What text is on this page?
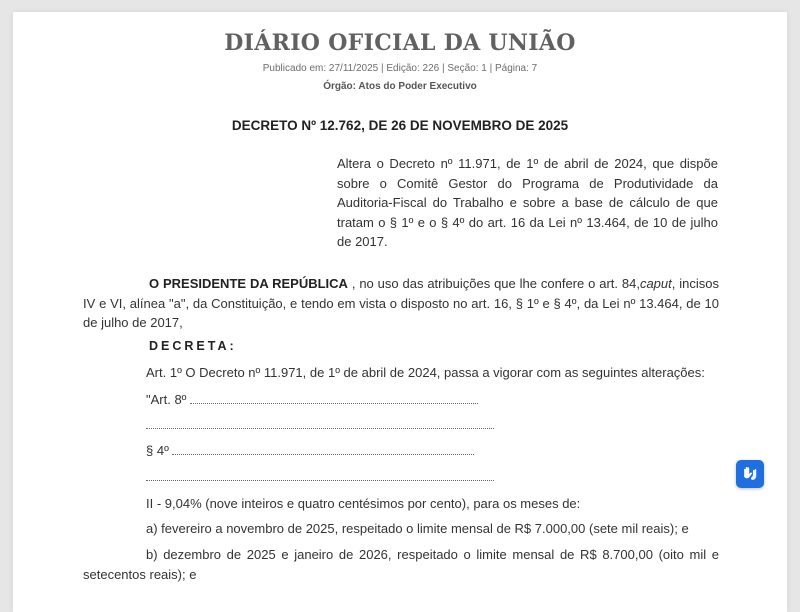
DIÁRIO OFICIAL DA UNIÃO
Publicado em: 27/11/2025 | Edição: 226 | Seção: 1 | Página: 7
Órgão: Atos do Poder Executivo
DECRETO Nº 12.762, DE 26 DE NOVEMBRO DE 2025
Altera o Decreto nº 11.971, de 1º de abril de 2024, que dispõe sobre o Comitê Gestor do Programa de Produtividade da Auditoria-Fiscal do Trabalho e sobre a base de cálculo de que tratam o § 1º e o § 4º do art. 16 da Lei nº 13.464, de 10 de julho de 2017.
O PRESIDENTE DA REPÚBLICA , no uso das atribuições que lhe confere o art. 84,caput, incisos IV e VI, alínea "a", da Constituição, e tendo em vista o disposto no art. 16, § 1º e § 4º, da Lei nº 13.464, de 10 de julho de 2017,
DECRETA:
Art. 1º O Decreto nº 11.971, de 1º de abril de 2024, passa a vigorar com as seguintes alterações:
"Art. 8º
§ 4º
II - 9,04% (nove inteiros e quatro centésimos por cento), para os meses de:
a) fevereiro a novembro de 2025, respeitado o limite mensal de R$ 7.000,00 (sete mil reais); e
b) dezembro de 2025 e janeiro de 2026, respeitado o limite mensal de R$ 8.700,00 (oito mil e setecentos reais); e
